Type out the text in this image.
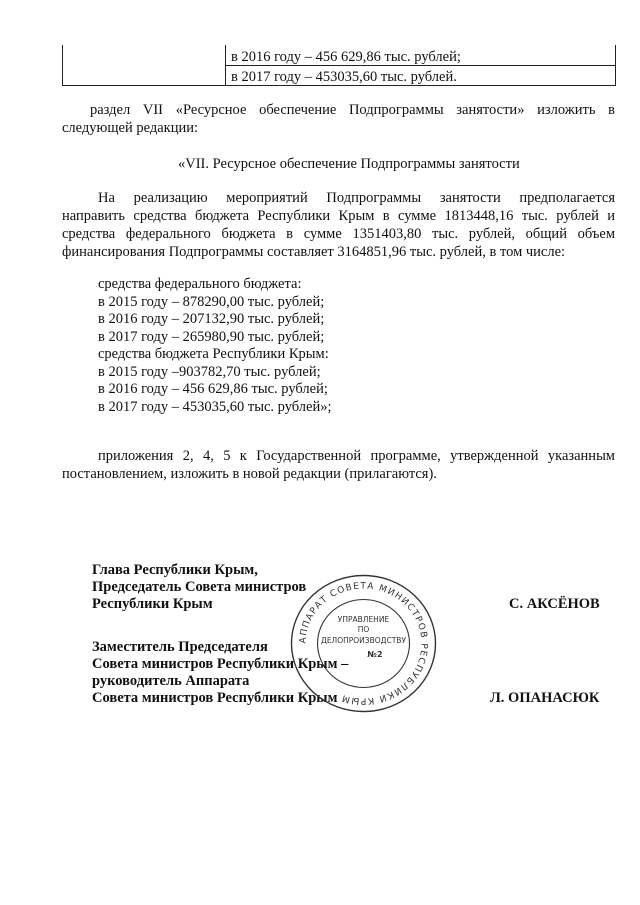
в 2016 году – 456 629,86 тыс. рублей;
в 2017 году – 453035,60 тыс. рублей.
раздел VII «Ресурсное обеспечение Подпрограммы занятости» изложить в
следующей редакции:
«VII. Ресурсное обеспечение Подпрограммы занятости
На реализацию мероприятий Подпрограммы занятости предполагается
направить средства бюджета Республики Крым в сумме 1813448,16 тыс. рублей и
средства федерального бюджета в сумме 1351403,80 тыс. рублей, общий объем
финансирования Подпрограммы составляет 3164851,96 тыс. рублей, в том числе:
средства федерального бюджета:
в 2015 году – 878290,00 тыс. рублей;
в 2016 году – 207132,90 тыс. рублей;
в 2017 году – 265980,90 тыс. рублей;
средства бюджета Республики Крым:
в 2015 году –903782,70 тыс. рублей;
в 2016 году – 456 629,86 тыс. рублей;
в 2017 году – 453035,60 тыс. рублей»;
приложения 2, 4, 5 к Государственной программе, утвержденной указанным
постановлением, изложить в новой редакции (прилагаются).
Глава Республики Крым,
Председатель Совета министров
Республики Крым	С. АКСЁНОВ
Заместитель Председателя
Совета министров Республики Крым –
руководитель Аппарата
Совета министров Республики Крым	Л. ОПАНАСЮК
АППАРАТ СОВЕТА МИНИСТРОВ РЕСПУБЛИКИ КРЫМ
УПРАВЛЕНИЕ
ПО
ДЕЛОПРОИЗВОДСТВУ
№2
